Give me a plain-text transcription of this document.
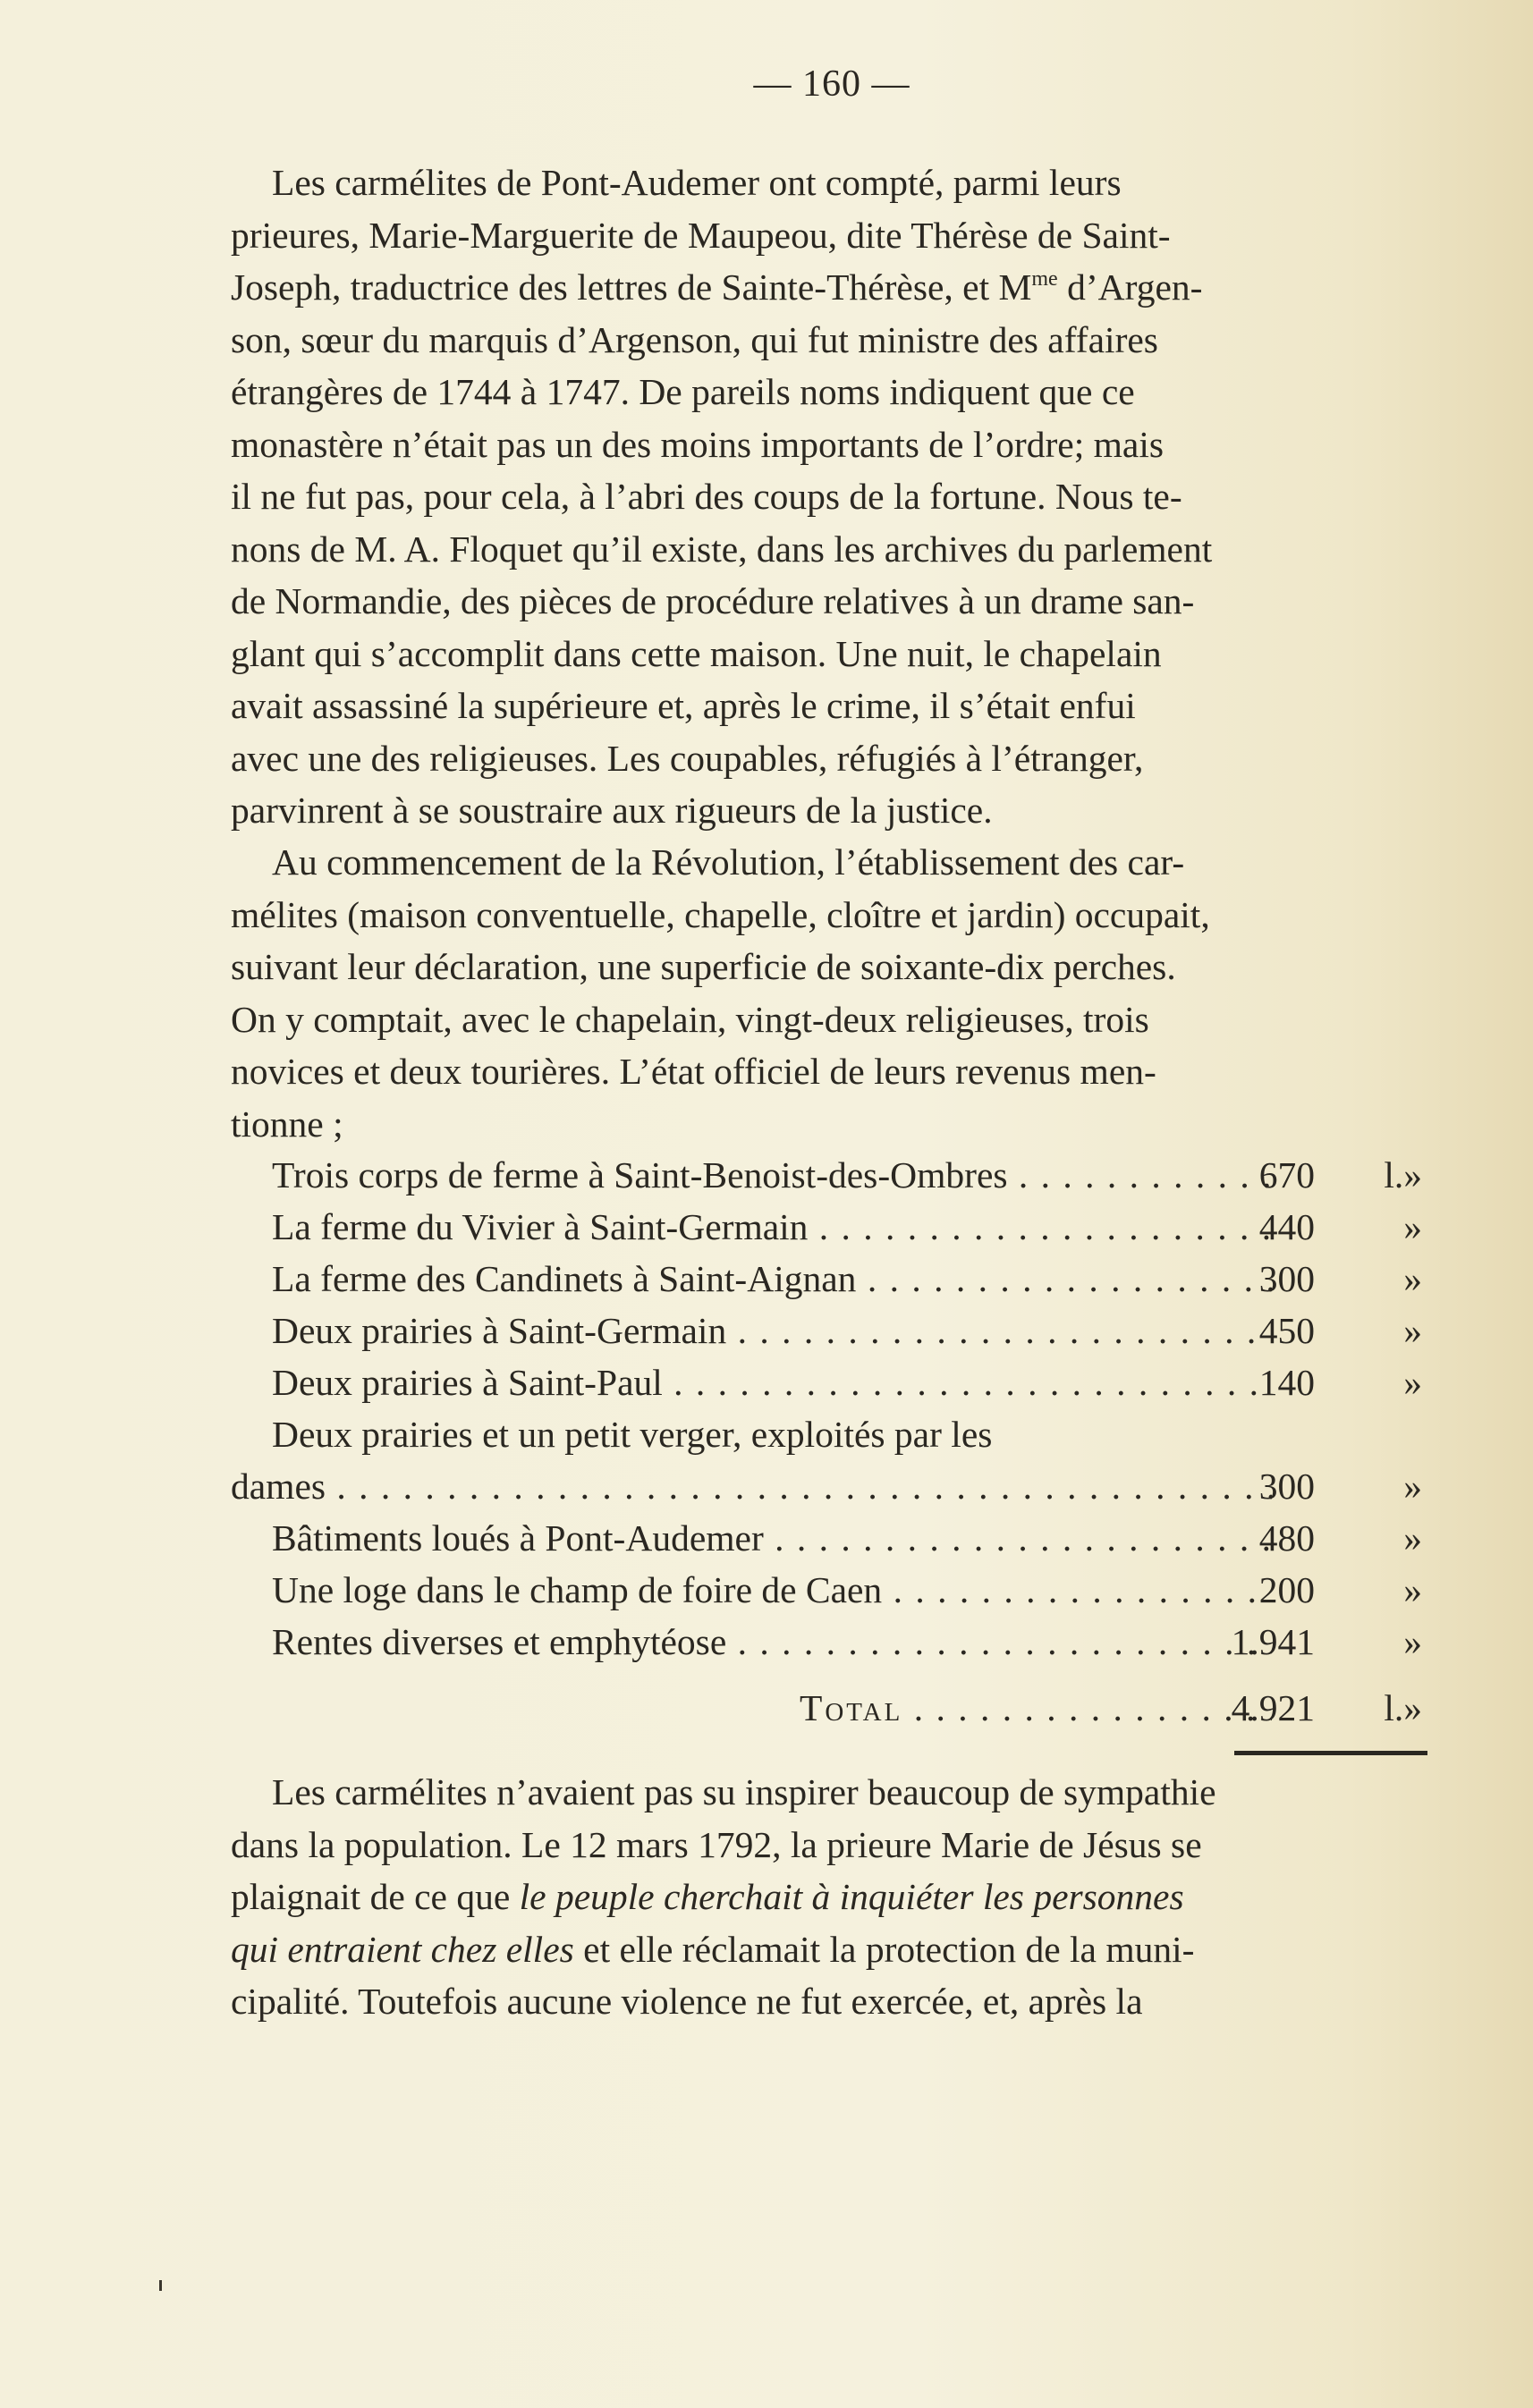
— 160 —
Les carmélites de Pont-Audemer ont compté, parmi leurs
prieures, Marie-Marguerite de Maupeou, dite Thérèse de Saint-
Joseph, traductrice des lettres de Sainte-Thérèse, et $M^{me}$ d’Argen-
son, sœur du marquis d’Argenson, qui fut ministre des affaires
étrangères de 1744 à 1747. De pareils noms indiquent que ce
monastère n’était pas un des moins importants de l’ordre; mais
il ne fut pas, pour cela, à l’abri des coups de la fortune. Nous te-
nons de M. A. Floquet qu’il existe, dans les archives du parlement
de Normandie, des pièces de procédure relatives à un drame san-
glant qui s’accomplit dans cette maison. Une nuit, le chapelain
avait assassiné la supérieure et, après le crime, il s’était enfui
avec une des religieuses. Les coupables, réfugiés à l’étranger,
parvinrent à se soustraire aux rigueurs de la justice.
Au commencement de la Révolution, l’établissement des car-
mélites (maison conventuelle, chapelle, cloître et jardin) occupait,
suivant leur déclaration, une superficie de soixante-dix perches.
On y comptait, avec le chapelain, vingt-deux religieuses, trois
novices et deux tourières. L’état officiel de leurs revenus men-
tionne ;
Trois corps de ferme à Saint-Benoist-des-Ombres . . .	670	l.»
La ferme du Vivier à Saint-Germain . . .	440	»
La ferme des Candinets à Saint-Aignan . . .	300	»
Deux prairies à Saint-Germain . . .	450	»
Deux prairies à Saint-Paul . . .	140	»
Deux prairies et un petit verger, exploités par les
dames . . .	300	»
Bâtiments loués à Pont-Audemer . . .	480	»
Une loge dans le champ de foire de Caen . . .	200	»
Rentes diverses et emphytéose . . .	1.941	»
Total . . .	4.921	l.»
Les carmélites n’avaient pas su inspirer beaucoup de sympathie
dans la population. Le 12 mars 1792, la prieure Marie de Jésus se
plaignait de ce que le peuple cherchait à inquiéter les personnes
qui entraient chez elles et elle réclamait la protection de la muni-
cipalité. Toutefois aucune violence ne fut exercée, et, après la
